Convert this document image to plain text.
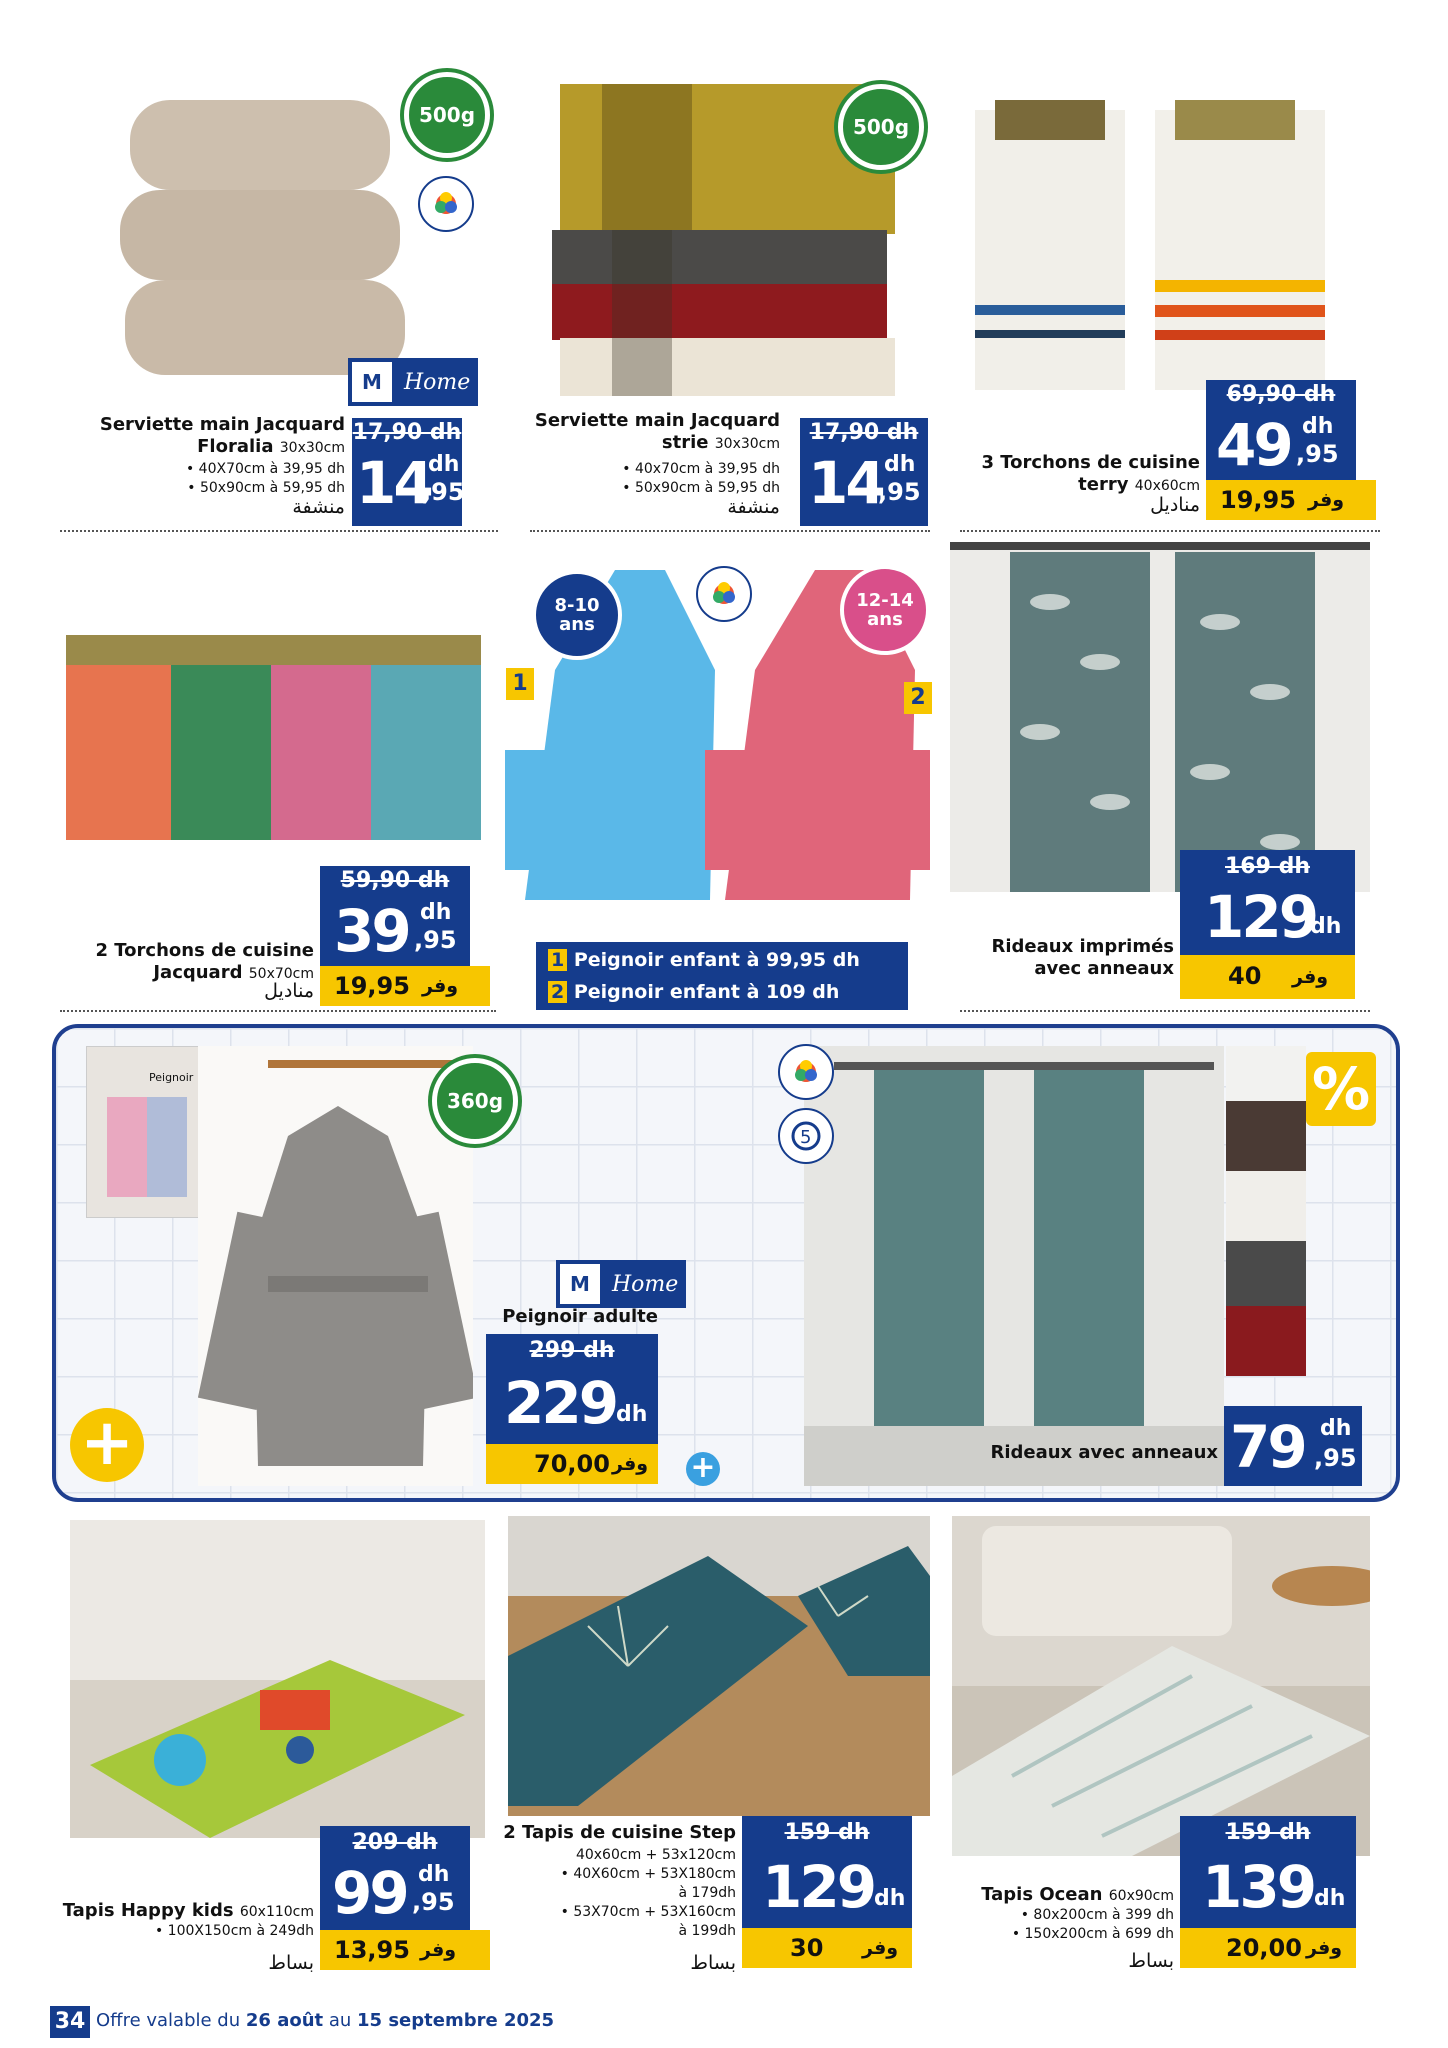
500g
M	Home
Serviette main Jacquard Floralia 30x30cm
• 40X70cm à 39,95 dh
• 50x90cm à 59,95 dh
منشفة
17,90 dh
14
dh
,95
500g
Serviette main Jacquard strie 30x30cm
• 40x70cm à 39,95 dh
• 50x90cm à 59,95 dh
منشفة
17,90 dh
14 dh
,95
3 Torchons de cuisine terry 40x60cm
مناديل
69,90 dh
49 dh
,95
19,95 وفر
59,90 dh
39 dh
,95
2 Torchons de cuisine Jacquard 50x70cm
مناديل 19,95 وفر
8-10 ans
12-14 ans
1
2
1 Peignoir enfant à 99,95 dh
2 Peignoir enfant à 109 dh
169 dh
129
dh
40 وفر
Rideaux imprimés avec anneaux
+
Peignoir
360g
M	Home
Peignoir adulte
299 dh
229 dh
70,00 وفر +
%
5
Rideaux avec anneaux 79 dh
,95
209 dh
99 dh
,95
13,95 وفر
Tapis Happy kids 60x110cm
• 100X150cm à 249dh
بساط
2 Tapis de cuisine Step
40x60cm + 53x120cm
• 40X60cm + 53X180cm
à 179dh
• 53X70cm + 53X160cm
à 199dh
بساط
159 dh
129 dh
30 وفر
159 dh
139 dh
20,00 وفر
Tapis Ocean 60x90cm
• 80x200cm à 399 dh
• 150x200cm à 699 dh
بساط
34 Offre valable du 26 août au 15 septembre 2025
